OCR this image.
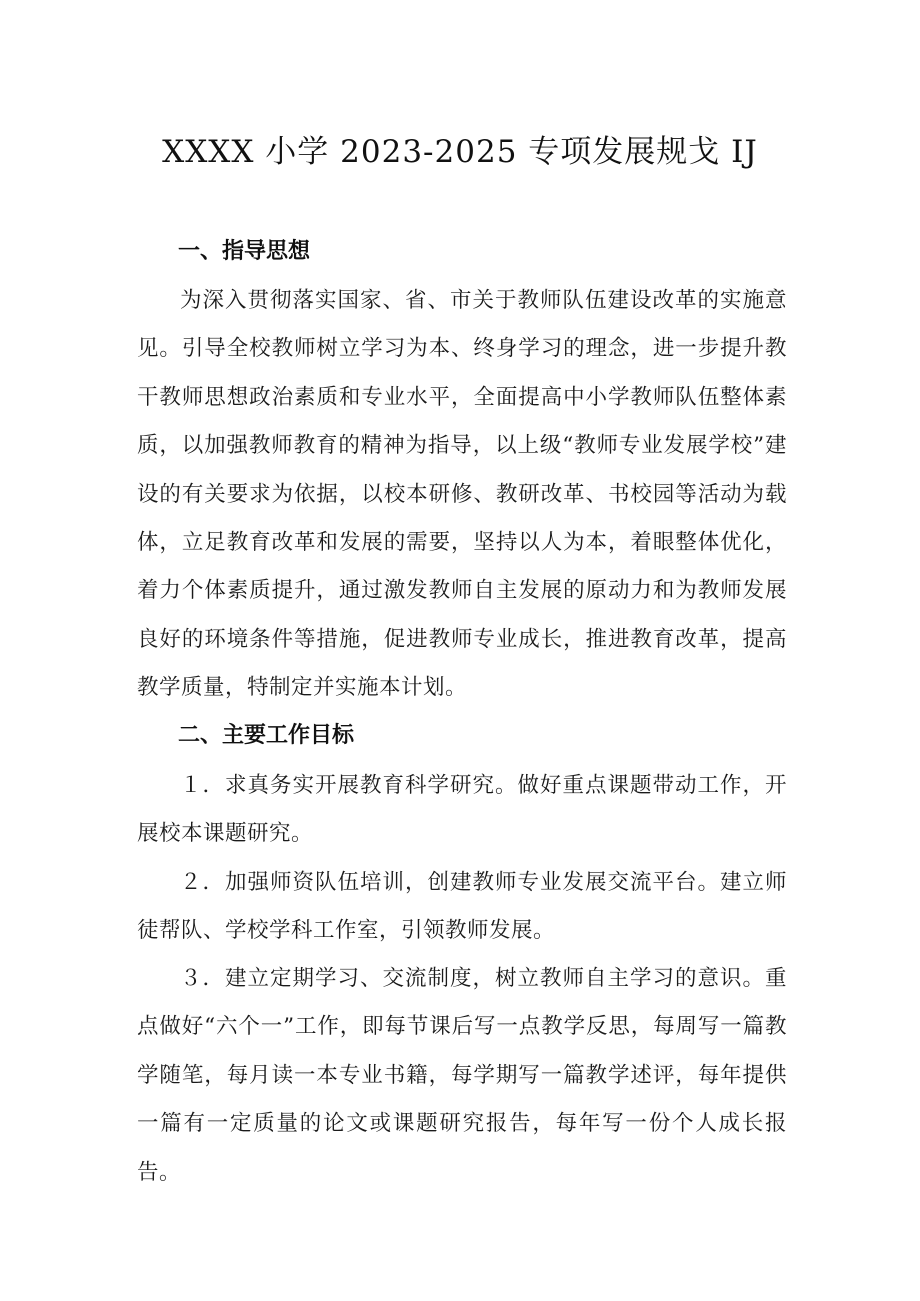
XXXX 小学 2023-2025 专项发展规戈 IJ
一、指导思想

为深入贯彻落实国家、省、市关于教师队伍建设改革的实施意见。引导全校教师树立学习为本、终身学习的理念，进一步提升教干教师思想政治素质和专业水平，全面提高中小学教师队伍整体素质，以加强教师教育的精神为指导，以上级“教师专业发展学校”建设的有关要求为依据，以校本研修、教研改革、书校园等活动为载体，立足教育改革和发展的需要，坚持以人为本，着眼整体优化，着力个体素质提升，通过激发教师自主发展的原动力和为教师发展良好的环境条件等措施，促进教师专业成长，推进教育改革，提高教学质量，特制定并实施本计划。

二、主要工作目标

１．求真务实开展教育科学研究。做好重点课题带动工作，开展校本课题研究。

２．加强师资队伍培训，创建教师专业发展交流平台。建立师徒帮队、学校学科工作室，引领教师发展。

３．建立定期学习、交流制度，树立教师自主学习的意识。重点做好“六个一”工作，即每节课后写一点教学反思，每周写一篇教学随笔，每月读一本专业书籍，每学期写一篇教学述评，每年提供一篇有一定质量的论文或课题研究报告，每年写一份个人成长报告。
